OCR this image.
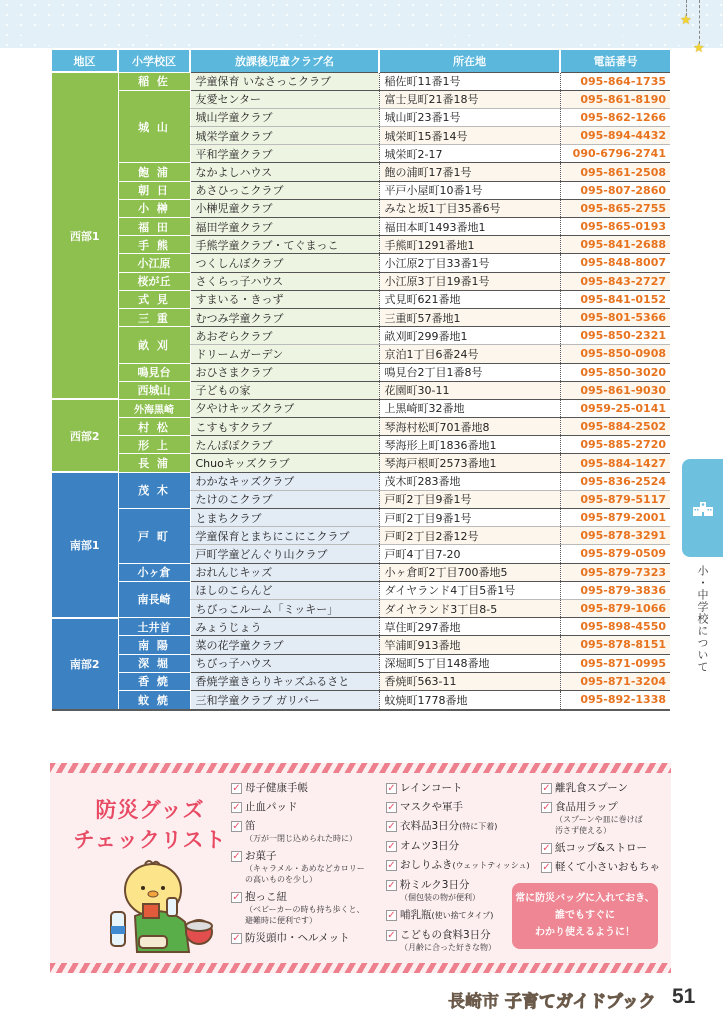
★
★
地区	小学校区	放課後児童クラブ名	所在地	電話番号
西部1	稲 佐	学童保育 いなさっこクラブ	稲佐町11番1号	095-864-1735
	城 山	友愛センター	富士見町21番18号	095-861-8190
		城山学童クラブ	城山町23番1号	095-862-1266
		城栄学童クラブ	城栄町15番14号	095-894-4432
		平和学童クラブ	城栄町2-17	090-6796-2741
	飽 浦	なかよしハウス	飽の浦町17番1号	095-861-2508
	朝 日	あさひっこクラブ	平戸小屋町10番1号	095-807-2860
	小 榊	小榊児童クラブ	みなと坂1丁目35番6号	095-865-2755
	福 田	福田学童クラブ	福田本町1493番地1	095-865-0193
	手 熊	手熊学童クラブ・てぐまっこ	手熊町1291番地1	095-841-2688
	小江原	つくしんぼクラブ	小江原2丁目33番1号	095-848-8007
	桜が丘	さくらっ子ハウス	小江原3丁目19番1号	095-843-2727
	式 見	すまいる・きっず	式見町621番地	095-841-0152
	三 重	むつみ学童クラブ	三重町57番地1	095-801-5366
	畝 刈	あおぞらクラブ	畝刈町299番地1	095-850-2321
		ドリームガーデン	京泊1丁目6番24号	095-850-0908
	鳴見台	おひさまクラブ	鳴見台2丁目1番8号	095-850-3020
	西城山	子どもの家	花園町30-11	095-861-9030
西部2	外海黒崎	夕やけキッズクラブ	上黒崎町32番地	0959-25-0141
	村 松	こすもすクラブ	琴海村松町701番地8	095-884-2502
	形 上	たんぽぽクラブ	琴海形上町1836番地1	095-885-2720
	長 浦	Chuoキッズクラブ	琴海戸根町2573番地1	095-884-1427
南部1	茂 木	わかなキッズクラブ	茂木町283番地	095-836-2524
		たけのこクラブ	戸町2丁目9番1号	095-879-5117
	戸 町	とまちクラブ	戸町2丁目9番1号	095-879-2001
		学童保育とまちにこにこクラブ	戸町2丁目2番12号	095-878-3291
		戸町学童どんぐり山クラブ	戸町4丁目7-20	095-879-0509
	小ヶ倉	おれんじキッズ	小ヶ倉町2丁目700番地5	095-879-7323
	南長崎	ほしのこらんど	ダイヤランド4丁目5番1号	095-879-3836
		ちびっこルーム「ミッキー」	ダイヤランド3丁目8-5	095-879-1066
南部2	土井首	みょうじょう	草住町297番地	095-898-4550
	南 陽	菜の花学童クラブ	竿浦町913番地	095-878-8151
	深 堀	ちびっ子ハウス	深堀町5丁目148番地	095-871-0995
	香 焼	香焼学童きらりキッズふるさと	香焼町563-11	095-871-3204
	蚊 焼	三和学童クラブ ガリバー	蚊焼町1778番地	095-892-1338
小・中学校について
防災グッズ
チェックリスト
✓ 母子健康手帳
✓ 止血パッド
✓ 笛
（万が一閉じ込められた時に）
✓ お菓子
（キャラメル・あめなどカロリーの高いものを少し）
✓ 抱っこ紐
（ベビーカーの時も持ち歩くと、避難時に便利です）
✓ 防災頭巾・ヘルメット
✓ レインコート
✓ マスクや軍手
✓ 衣料品3日分(特に下着)
✓ オムツ3日分
✓ おしりふき(ウェットティッシュ)
✓ 粉ミルク3日分
（個包装の物が便利）
✓ 哺乳瓶(使い捨てタイプ)
✓ こどもの食料3日分
（月齢に合った好きな物）
✓ 離乳食スプーン
✓ 食品用ラップ
（スプーンや皿に巻けば汚さず使える）
✓ 紙コップ&ストロー
✓ 軽くて小さいおもちゃ
常に防災バッグに入れておき、
誰でもすぐに
わかり使えるように！
長崎市 子育てガイドブック 51
